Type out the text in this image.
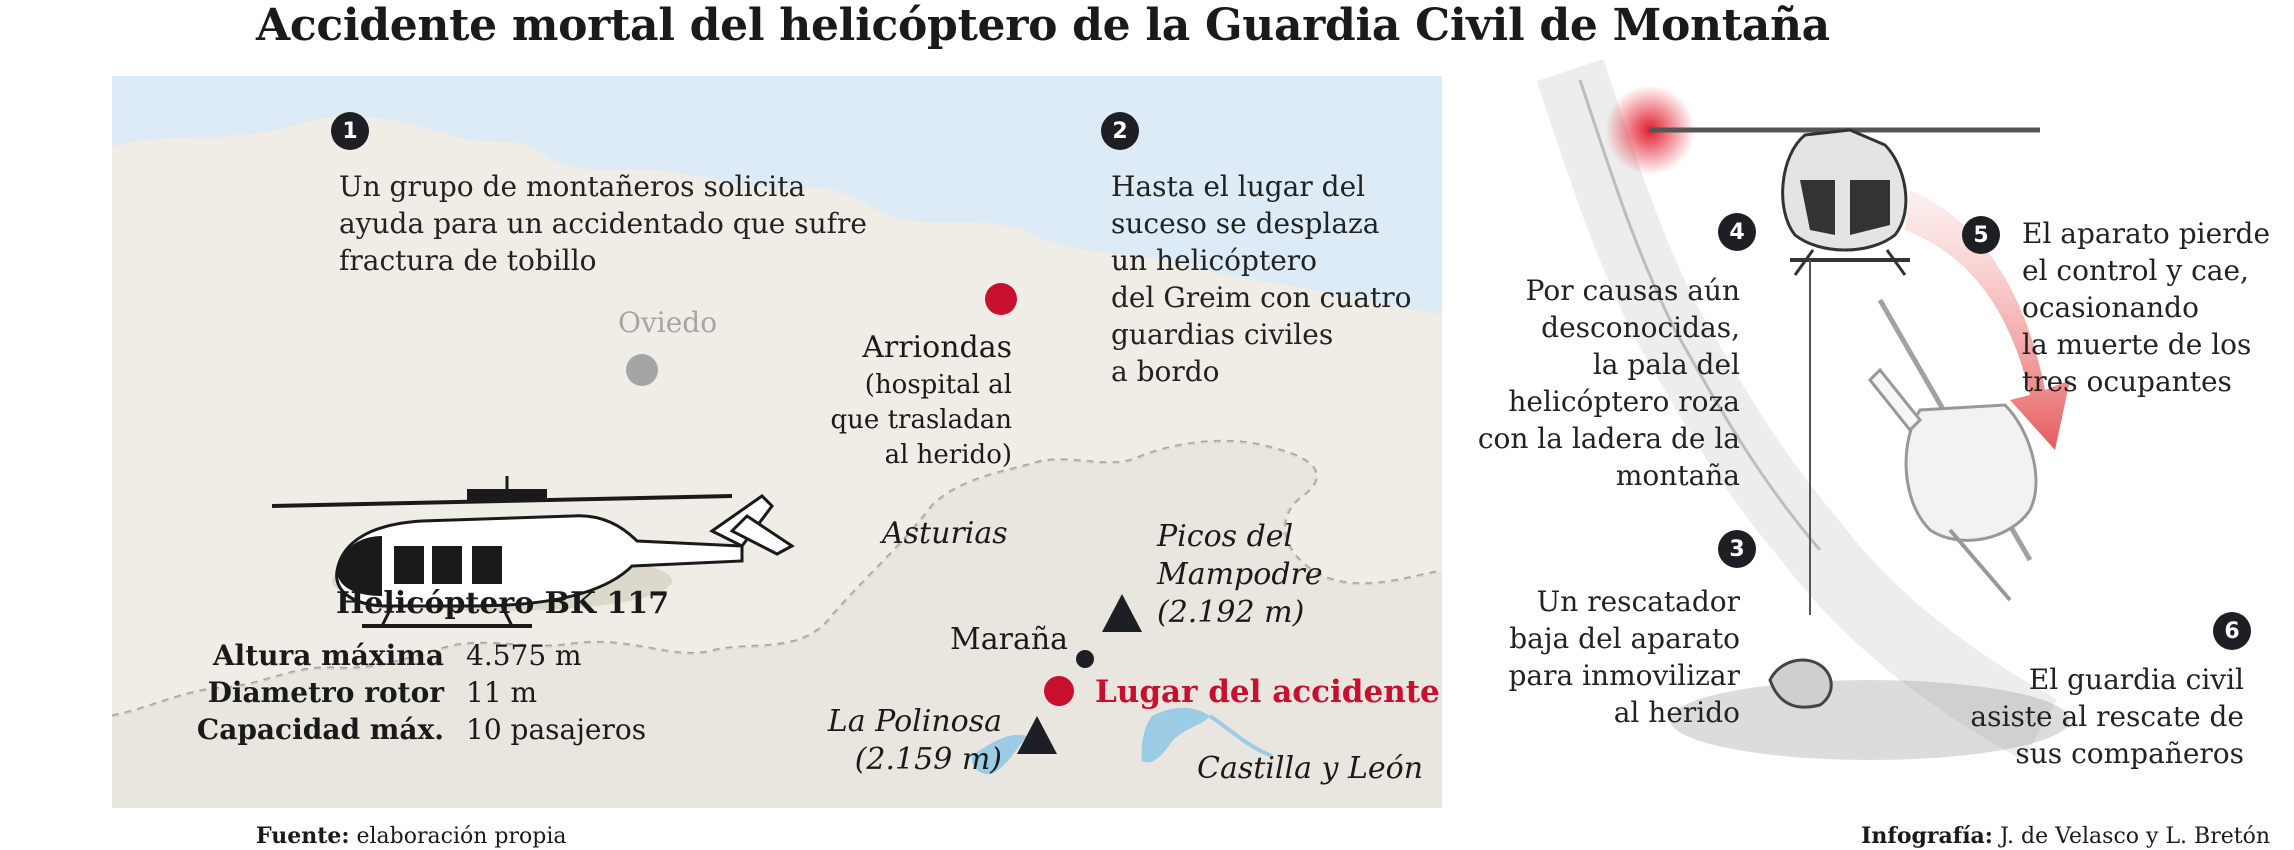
Accidente mortal del helicóptero de la Guardia Civil de Montaña
1
Un grupo de montañeros solicita
ayuda para un accidentado que sufre
fractura de tobillo
2
Hasta el lugar del
suceso se desplaza
un helicóptero
del Greim con cuatro
guardias civiles
a bordo
Oviedo
Arriondas
(hospital al
que trasladan
al herido)
Asturias	Picos del
Mampodre
(2.192 m)
Maraña
Lugar del accidente
La Polinosa
(2.159 m)	Castilla y León
Helicóptero BK 117
Altura máxima 4.575 m
Diametro rotor 11 m
Capacidad máx. 10 pasajeros
4
Por causas aún
desconocidas,
la pala del
helicóptero roza
con la ladera de la
montaña
3
Un rescatador
baja del aparato
para inmovilizar
al herido
5	El aparato pierde
el control y cae,
ocasionando
la muerte de los
tres ocupantes
6
El guardia civil
asiste al rescate de
sus compañeros
Fuente: elaboración propia	Infografía: J. de Velasco y L. Bretón
